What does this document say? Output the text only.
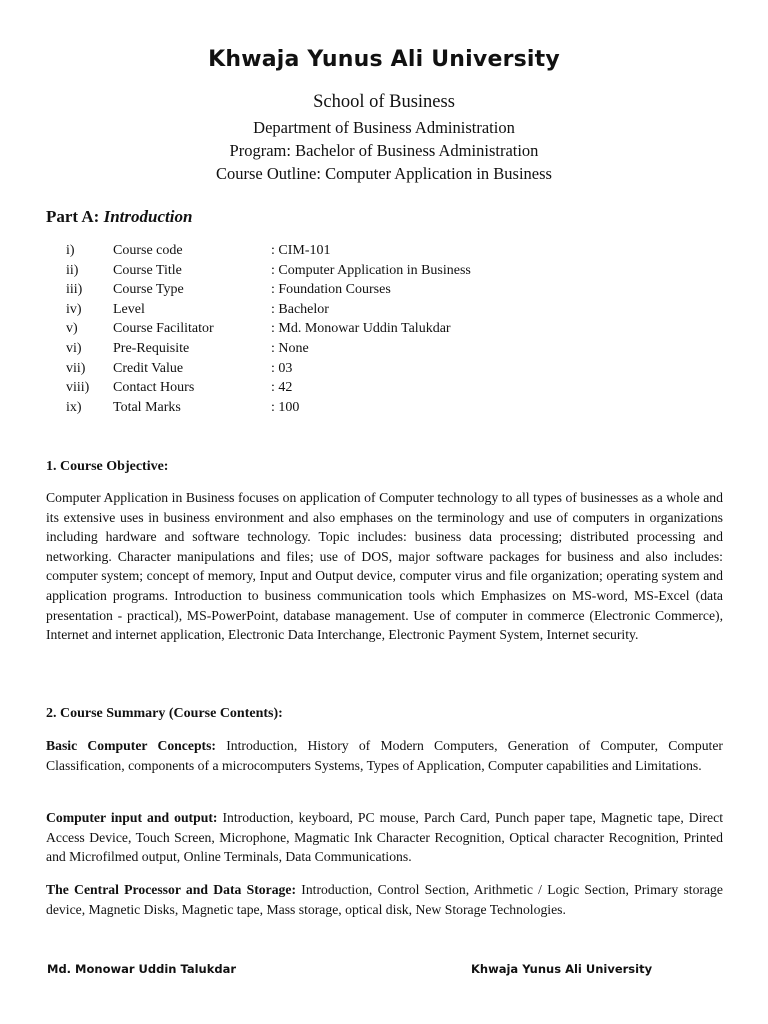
Khwaja Yunus Ali University
School of Business
Department of Business Administration
Program: Bachelor of Business Administration
Course Outline: Computer Application in Business
Part A: Introduction
i)	Course code	: CIM-101
ii) Course Title	: Computer Application in Business
iii) Course Type	: Foundation Courses
iv) Level	: Bachelor
v)	Course Facilitator	: Md. Monowar Uddin Talukdar
vi) Pre-Requisite	: None
vii) Credit Value	: 03
viii) Contact Hours	: 42
ix) Total Marks	: 100
1. Course Objective:
Computer Application in Business focuses on application of Computer technology to all types of businesses as a whole and its extensive uses in business environment and also emphases on the terminology and use of computers in organizations including hardware and software technology. Topic includes: business data processing; distributed processing and networking. Character manipulations and files; use of DOS, major software packages for business and also includes: computer system; concept of memory, Input and Output device, computer virus and file organization; operating system and application programs. Introduction to business communication tools which Emphasizes on MS-word, MS-Excel (data presentation - practical), MS-PowerPoint, database management. Use of computer in commerce (Electronic Commerce), Internet and internet application, Electronic Data Interchange, Electronic Payment System, Internet security.
2. Course Summary (Course Contents):
Basic Computer Concepts: Introduction, History of Modern Computers, Generation of Computer, Computer Classification, components of a microcomputers Systems, Types of Application, Computer capabilities and Limitations.
Computer input and output: Introduction, keyboard, PC mouse, Parch Card, Punch paper tape, Magnetic tape, Direct Access Device, Touch Screen, Microphone, Magmatic Ink Character Recognition, Optical character Recognition, Printed and Microfilmed output, Online Terminals, Data Communications.
The Central Processor and Data Storage: Introduction, Control Section, Arithmetic / Logic Section, Primary storage device, Magnetic Disks, Magnetic tape, Mass storage, optical disk, New Storage Technologies.
Md. Monowar Uddin Talukdar	Khwaja Yunus Ali University
